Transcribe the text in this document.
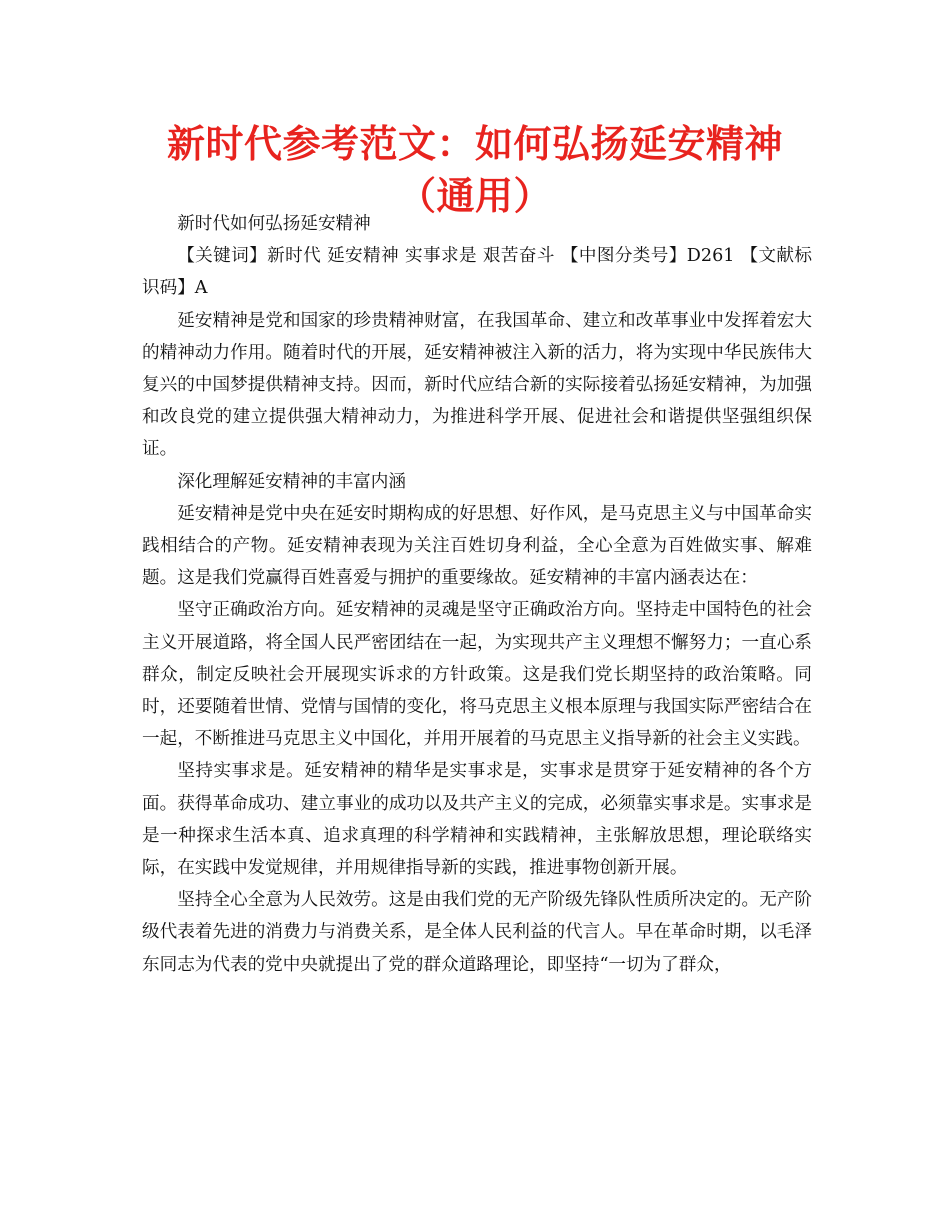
新时代参考范文：如何弘扬延安精神（通用）

新时代如何弘扬延安精神

【关键词】新时代 延安精神 实事求是 艰苦奋斗 【中图分类号】D261 【文献标识码】A

延安精神是党和国家的珍贵精神财富，在我国革命、建立和改革事业中发挥着宏大的精神动力作用。随着时代的开展，延安精神被注入新的活力，将为实现中华民族伟大复兴的中国梦提供精神支持。因而，新时代应结合新的实际接着弘扬延安精神，为加强和改良党的建立提供强大精神动力，为推进科学开展、促进社会和谐提供坚强组织保证。

深化理解延安精神的丰富内涵

延安精神是党中央在延安时期构成的好思想、好作风，是马克思主义与中国革命实践相结合的产物。延安精神表现为关注百姓切身利益，全心全意为百姓做实事、解难题。这是我们党赢得百姓喜爱与拥护的重要缘故。延安精神的丰富内涵表达在：

坚守正确政治方向。延安精神的灵魂是坚守正确政治方向。坚持走中国特色的社会主义开展道路，将全国人民严密团结在一起，为实现共产主义理想不懈努力；一直心系群众，制定反映社会开展现实诉求的方针政策。这是我们党长期坚持的政治策略。同时，还要随着世情、党情与国情的变化，将马克思主义根本原理与我国实际严密结合在一起，不断推进马克思主义中国化，并用开展着的马克思主义指导新的社会主义实践。

坚持实事求是。延安精神的精华是实事求是，实事求是贯穿于延安精神的各个方面。获得革命成功、建立事业的成功以及共产主义的完成，必须靠实事求是。实事求是是一种探求生活本真、追求真理的科学精神和实践精神，主张解放思想，理论联络实际，在实践中发觉规律，并用规律指导新的实践，推进事物创新开展。

坚持全心全意为人民效劳。这是由我们党的无产阶级先锋队性质所决定的。无产阶级代表着先进的消费力与消费关系，是全体人民利益的代言人。早在革命时期，以毛泽东同志为代表的党中央就提出了党的群众道路理论，即坚持“一切为了群众，
